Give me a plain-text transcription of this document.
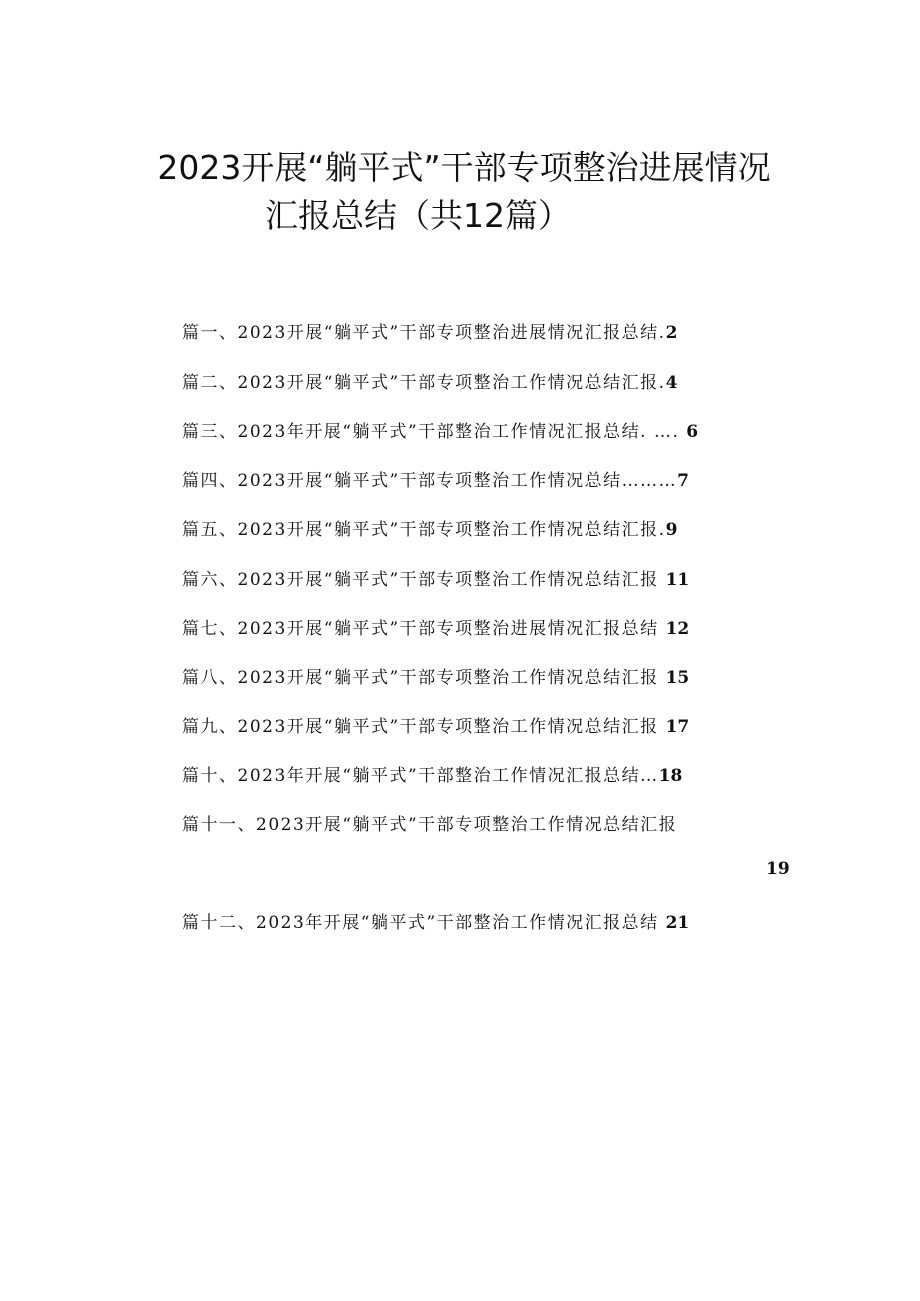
2023开展“躺平式”干部专项整治进展情况
汇报总结（共12篇）
篇一、2023开展“躺平式”干部专项整治进展情况汇报总结.2
篇二、2023开展“躺平式”干部专项整治工作情况总结汇报.4
篇三、2023年开展“躺平式”干部整治工作情况汇报总结. …. 6
篇四、2023开展“躺平式”干部专项整治工作情况总结………7
篇五、2023开展“躺平式”干部专项整治工作情况总结汇报.9
篇六、2023开展“躺平式”干部专项整治工作情况总结汇报 11
篇七、2023开展“躺平式”干部专项整治进展情况汇报总结 12
篇八、2023开展“躺平式”干部专项整治工作情况总结汇报 15
篇九、2023开展“躺平式”干部专项整治工作情况总结汇报 17
篇十、2023年开展“躺平式”干部整治工作情况汇报总结…18
篇十一、2023开展“躺平式”干部专项整治工作情况总结汇报
19
篇十二、2023年开展“躺平式”干部整治工作情况汇报总结 21
